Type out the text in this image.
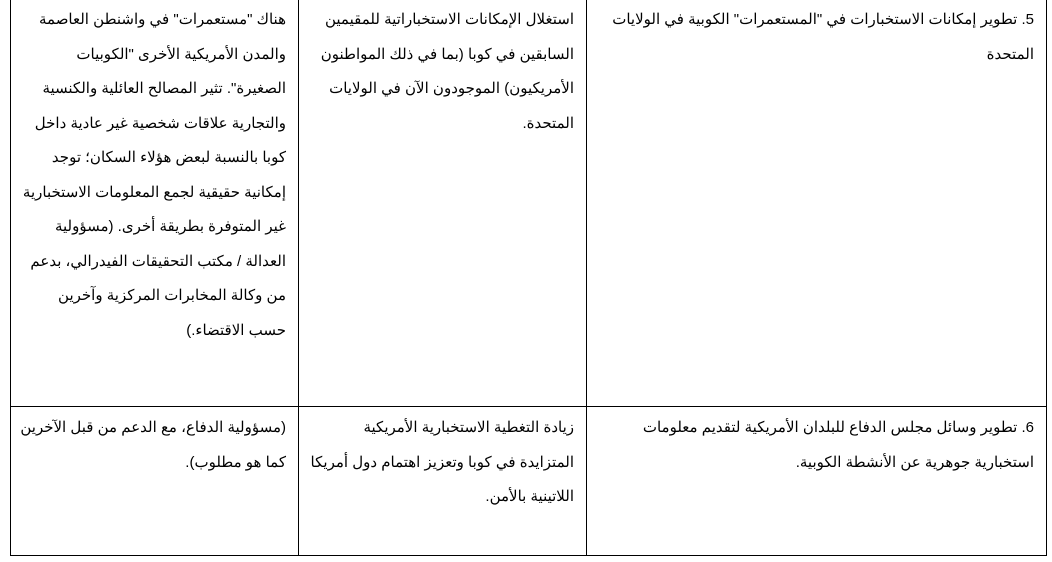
5. تطوير إمكانات الاستخبارات في "المستعمرات" الكوبية في الولايات المتحدة	استغلال الإمكانات الاستخباراتية للمقيمين السابقين في كوبا (بما في ذلك المواطنون الأمريكيون) الموجودون الآن في الولايات المتحدة.	هناك "مستعمرات" في واشنطن العاصمة والمدن الأمريكية الأخرى "الكوبيات الصغيرة". تثير المصالح العائلية والكنسية والتجارية علاقات شخصية غير عادية داخل كوبا بالنسبة لبعض هؤلاء السكان؛ توجد إمكانية حقيقية لجمع المعلومات الاستخبارية غير المتوفرة بطريقة أخرى. (مسؤولية العدالة / مكتب التحقيقات الفيدرالي، بدعم من وكالة المخابرات المركزية وآخرين حسب الاقتضاء.)

6. تطوير وسائل مجلس الدفاع للبلدان الأمريكية لتقديم معلومات استخبارية جوهرية عن الأنشطة الكوبية.	زيادة التغطية الاستخبارية الأمريكية المتزايدة في كوبا وتعزيز اهتمام دول أمريكا اللاتينية بالأمن.	(مسؤولية الدفاع، مع الدعم من قبل الآخرين كما هو مطلوب).
